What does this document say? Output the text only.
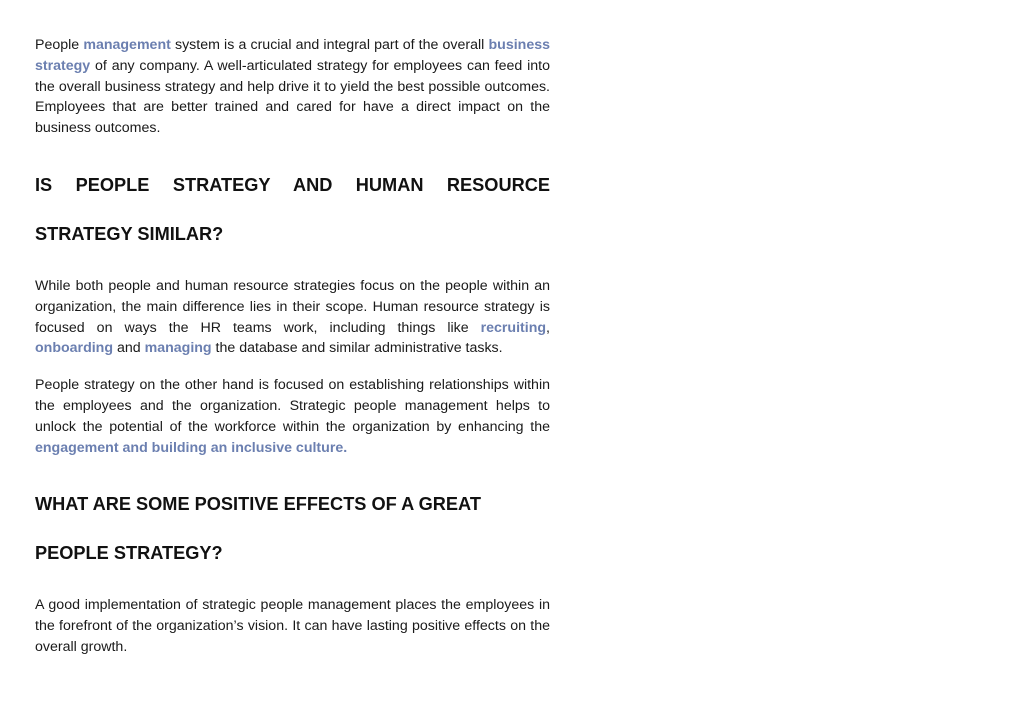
People management system is a crucial and integral part of the overall business strategy of any company. A well-articulated strategy for employees can feed into the overall business strategy and help drive it to yield the best possible outcomes. Employees that are better trained and cared for have a direct impact on the business outcomes.

IS PEOPLE STRATEGY AND HUMAN RESOURCE
STRATEGY SIMILAR?

While both people and human resource strategies focus on the people within an organization, the main difference lies in their scope. Human resource strategy is focused on ways the HR teams work, including things like recruiting, onboarding and managing the database and similar administrative tasks.

People strategy on the other hand is focused on establishing relationships within the employees and the organization. Strategic people management helps to unlock the potential of the workforce within the organization by enhancing the engagement and building an inclusive culture.

WHAT ARE SOME POSITIVE EFFECTS OF A GREAT
PEOPLE STRATEGY?

A good implementation of strategic people management places the employees in the forefront of the organization’s vision. It can have lasting positive effects on the overall growth.
